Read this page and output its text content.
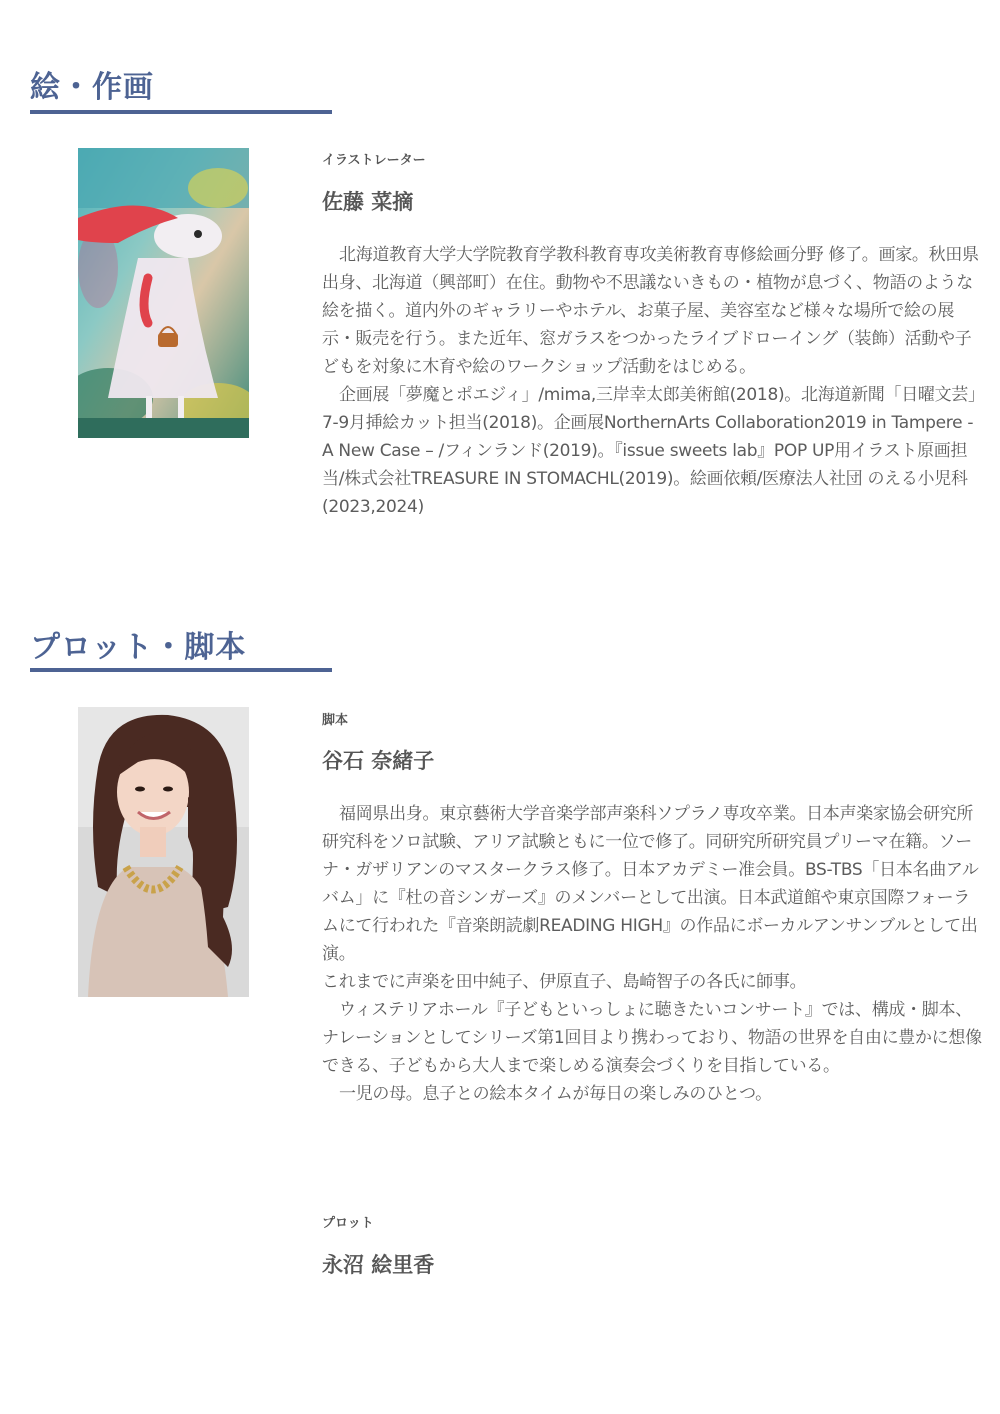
絵・作画
イラストレーター
佐藤 菜摘

北海道教育大学大学院教育学教科教育専攻美術教育専修絵画分野 修了。画家。秋田県出身、北海道（興部町）在住。動物や不思議ないきもの・植物が息づく、物語のような絵を描く。道内外のギャラリーやホテル、お菓子屋、美容室など様々な場所で絵の展示・販売を行う。また近年、窓ガラスをつかったライブドローイング（装飾）活動や子どもを対象に木育や絵のワークショップ活動をはじめる。

企画展「夢魔とポエジィ」/mima,三岸幸太郎美術館(2018)。北海道新聞「日曜文芸」7-9月挿絵カット担当(2018)。企画展NorthernArts Collaboration2019 in Tampere -A New Case – /フィンランド(2019)。『issue sweets lab』POP UP用イラスト原画担当/株式会社TREASURE IN STOMACHL(2019)。絵画依頼/医療法人社団 のえる小児科(2023,2024)

プロット・脚本
脚本
谷石 奈緒子

福岡県出身。東京藝術大学音楽学部声楽科ソプラノ専攻卒業。日本声楽家協会研究所研究科をソロ試験、アリア試験ともに一位で修了。同研究所研究員プリーマ在籍。ソーナ・ガザリアンのマスタークラス修了。日本アカデミー准会員。BS-TBS「日本名曲アルバム」に『杜の音シンガーズ』のメンバーとして出演。日本武道館や東京国際フォーラムにて行われた『音楽朗読劇READING HIGH』の作品にボーカルアンサンブルとして出演。

これまでに声楽を田中純子、伊原直子、島崎智子の各氏に師事。

ウィステリアホール『子どもといっしょに聴きたいコンサート』では、構成・脚本、ナレーションとしてシリーズ第1回目より携わっており、物語の世界を自由に豊かに想像できる、子どもから大人まで楽しめる演奏会づくりを目指している。

一児の母。息子との絵本タイムが毎日の楽しみのひとつ。

プロット
永沼 絵里香
